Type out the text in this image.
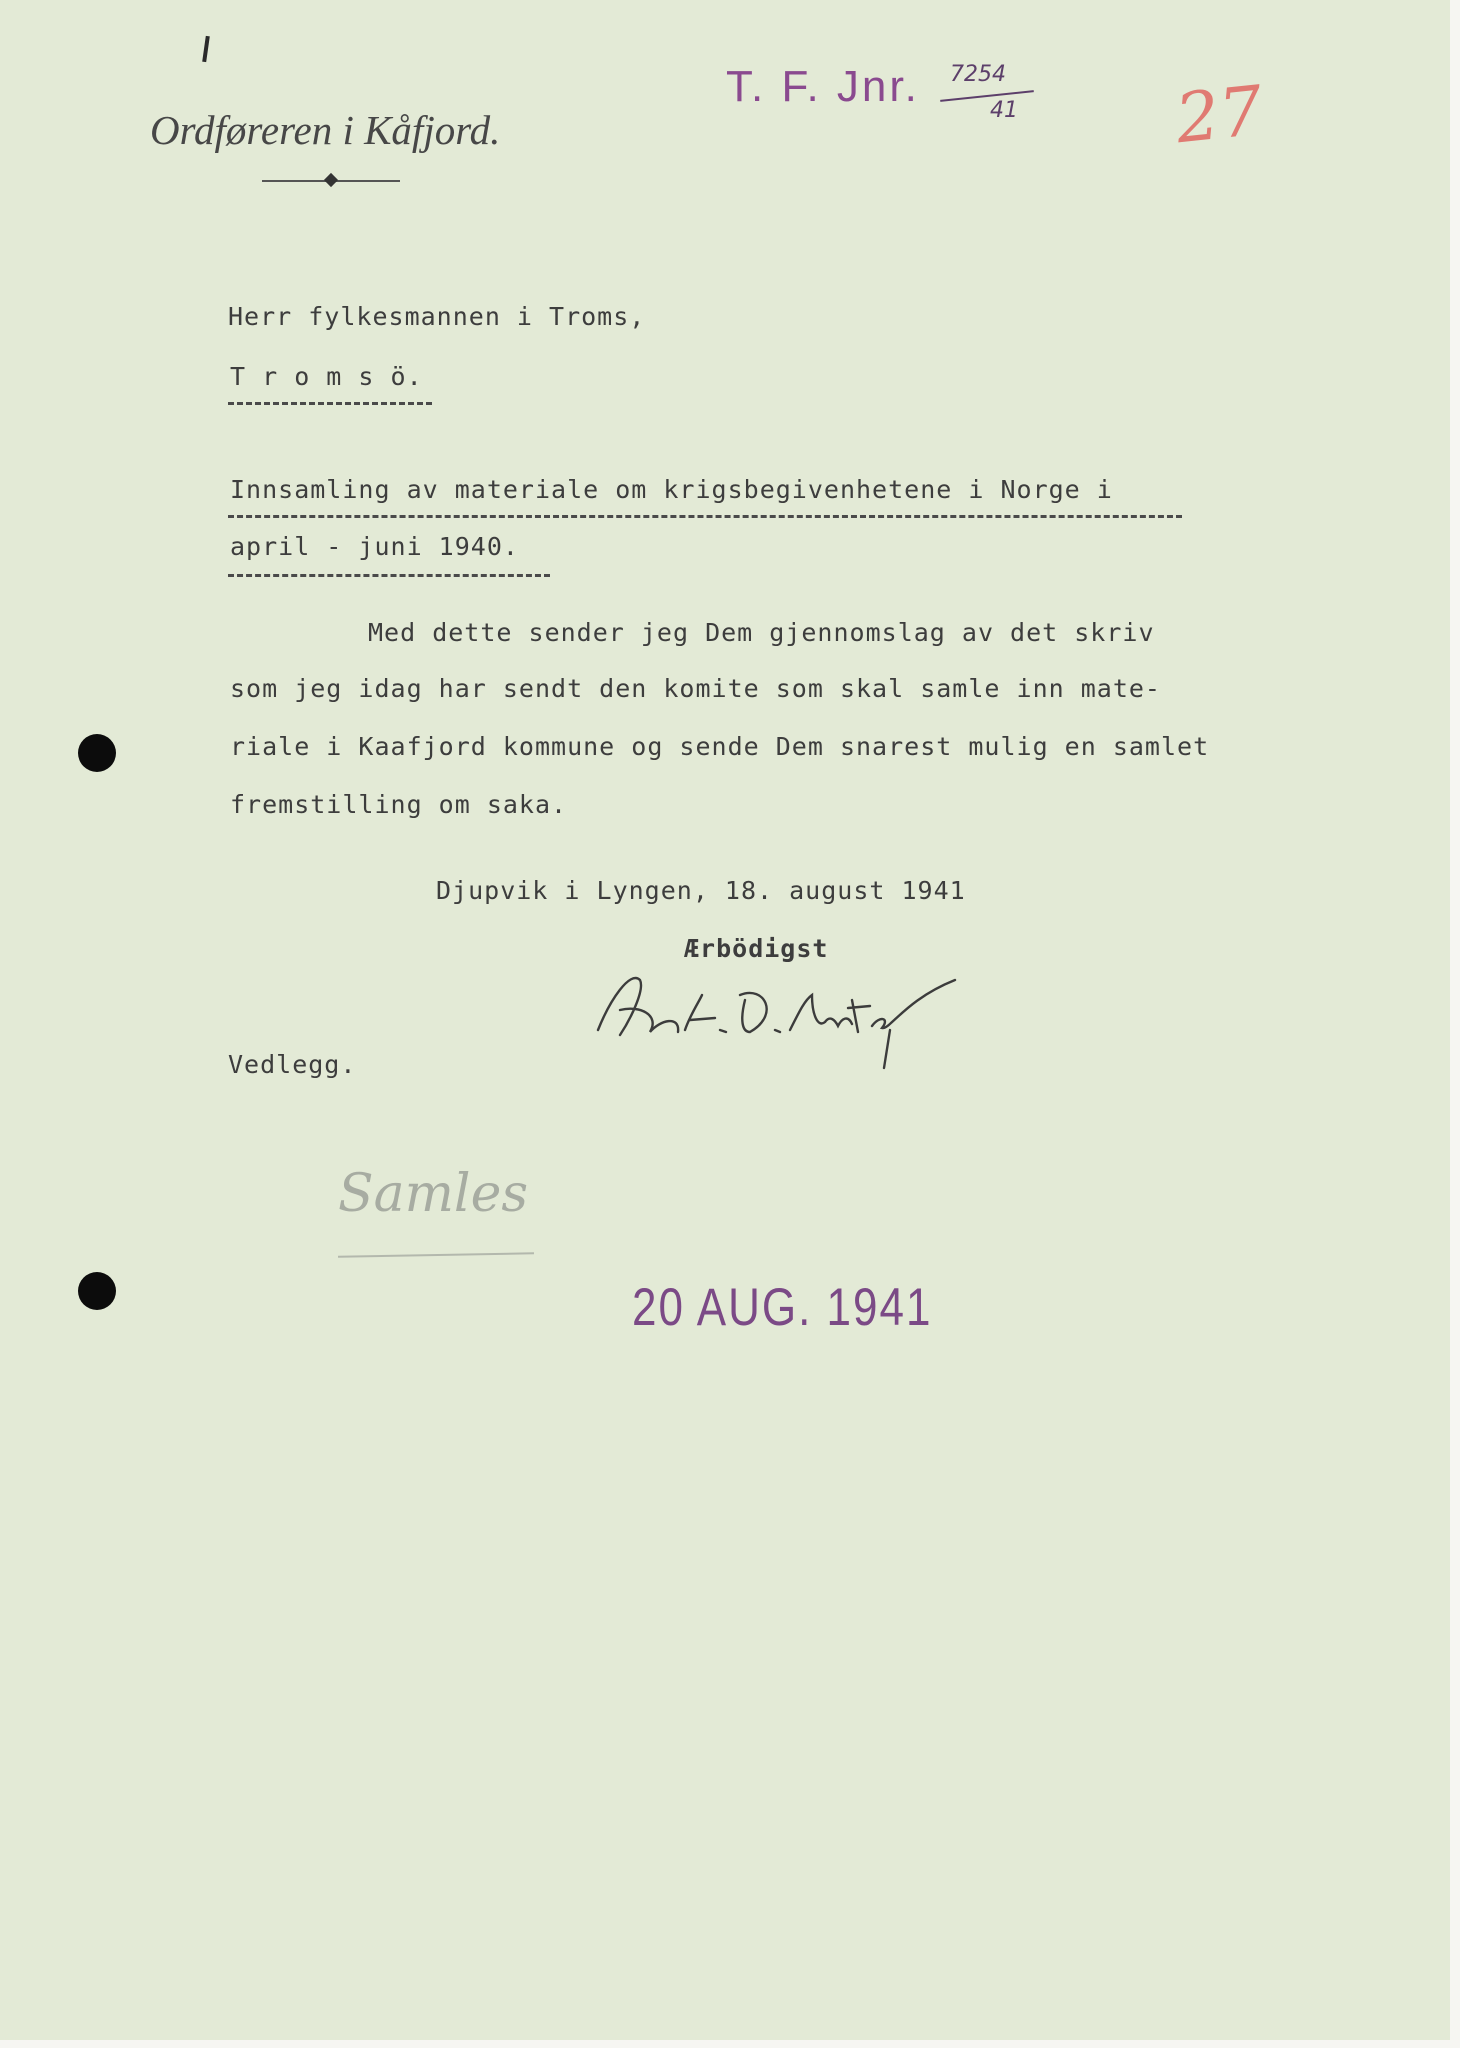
Ordføreren i Kåfjord.
T. F. Jnr. 7254
41 27
Herr fylkesmannen i Troms,
T r o m s ö.
Innsamling av materiale om krigsbegivenhetene i Norge i
april - juni 1940.
Med dette sender jeg Dem gjennomslag av det skriv
som jeg idag har sendt den komite som skal samle inn mate-
riale i Kaafjord kommune og sende Dem snarest mulig en samlet
fremstilling om saka.
Djupvik i Lyngen, 18. august 1941
Ærbödigst
Vedlegg.
Samles
20 AUG. 1941
